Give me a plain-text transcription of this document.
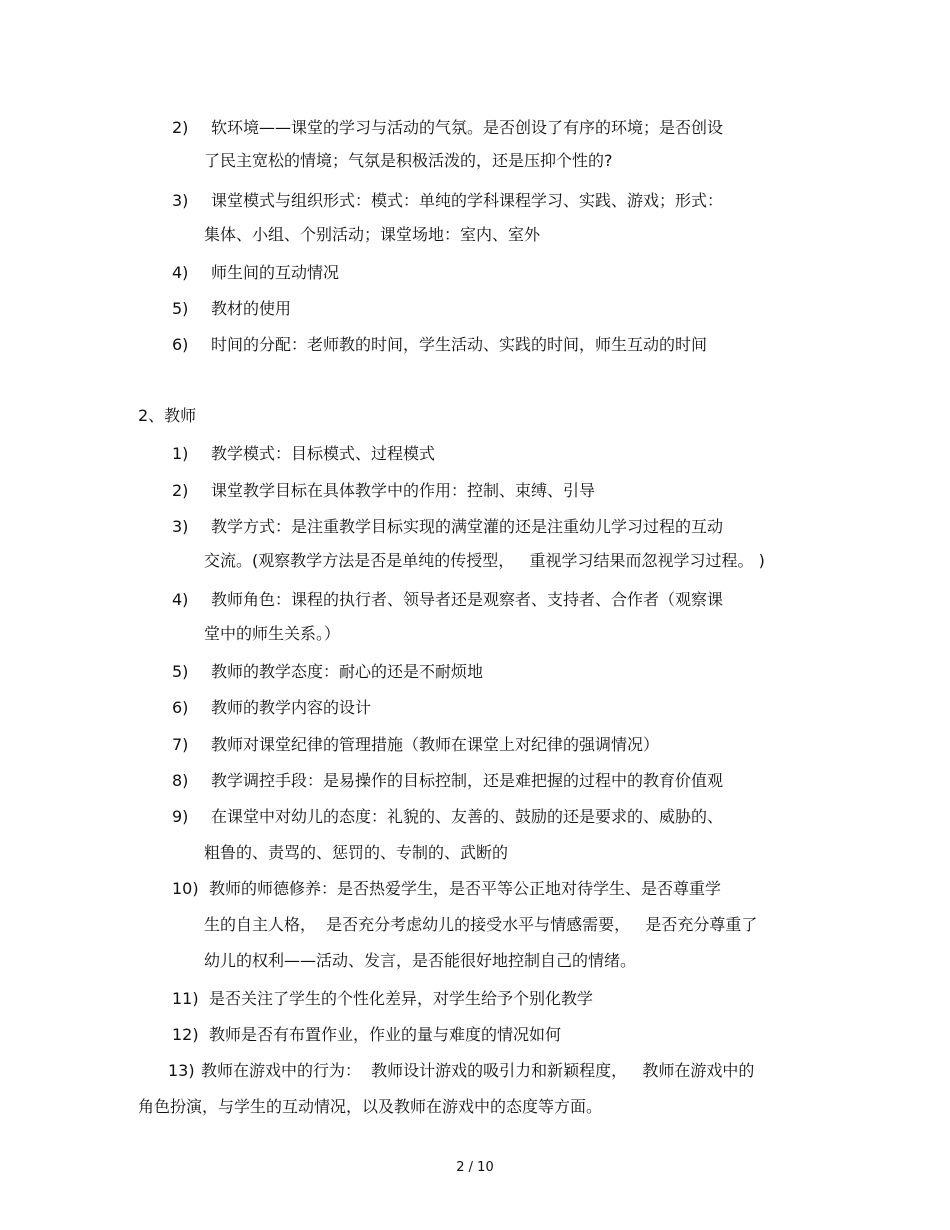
2) 软环境——课堂的学习与活动的气氛。是否创设了有序的环境；是否创设
了民主宽松的情境；气氛是积极活泼的，还是压抑个性的?
3) 课堂模式与组织形式：模式：单纯的学科课程学习、实践、游戏；形式：
集体、小组、个别活动；课堂场地：室内、室外
4) 师生间的互动情况
5) 教材的使用
6) 时间的分配：老师教的时间，学生活动、实践的时间，师生互动的时间
2、教师
1) 教学模式：目标模式、过程模式
2) 课堂教学目标在具体教学中的作用：控制、束缚、引导
3) 教学方式：是注重教学目标实现的满堂灌的还是注重幼儿学习过程的互动
交流。(观察教学方法是否是单纯的传授型，   重视学习结果而忽视学习过程。 )
4) 教师角色：课程的执行者、领导者还是观察者、支持者、合作者（观察课
堂中的师生关系。）
5) 教师的教学态度：耐心的还是不耐烦地
6) 教师的教学内容的设计
7) 教师对课堂纪律的管理措施（教师在课堂上对纪律的强调情况）
8) 教学调控手段：是易操作的目标控制，还是难把握的过程中的教育价值观
9) 在课堂中对幼儿的态度：礼貌的、友善的、鼓励的还是要求的、威胁的、
粗鲁的、责骂的、惩罚的、专制的、武断的
10) 教师的师德修养：是否热爱学生，是否平等公正地对待学生、是否尊重学
生的自主人格，  是否充分考虑幼儿的接受水平与情感需要，   是否充分尊重了
幼儿的权利——活动、发言，是否能很好地控制自己的情绪。
11) 是否关注了学生的个性化差异，对学生给予个别化教学
12) 教师是否有布置作业，作业的量与难度的情况如何
13) 教师在游戏中的行为：  教师设计游戏的吸引力和新颖程度，   教师在游戏中的
角色扮演，与学生的互动情况，以及教师在游戏中的态度等方面。
2 / 10
